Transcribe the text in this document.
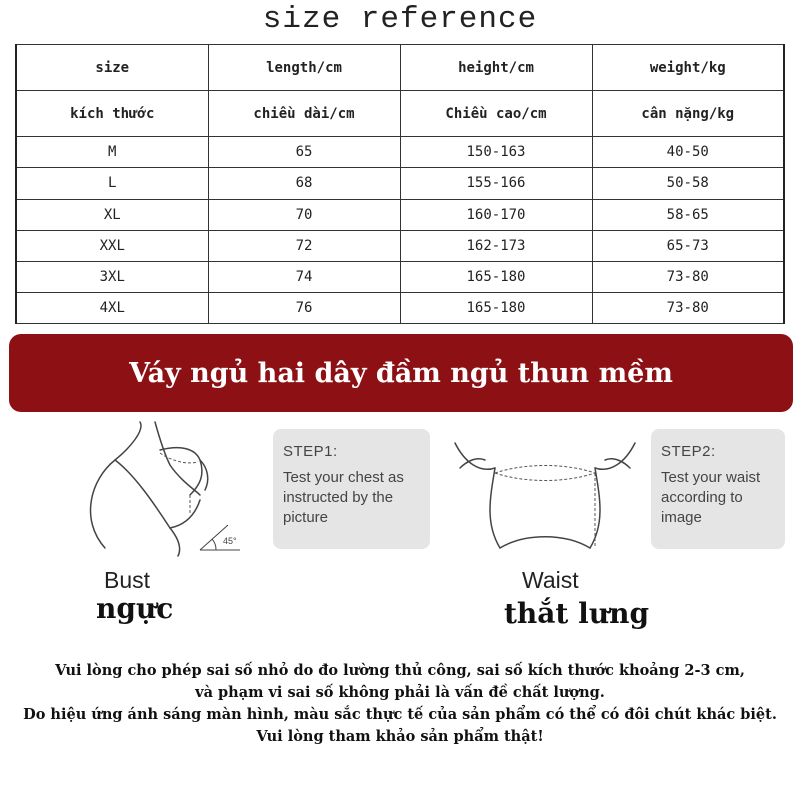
size reference
size	length/cm	height/cm	weight/kg
kích thước	chiều dài/cm	Chiều cao/cm	cân nặng/kg
M	65	150-163	40-50
L	68	155-166	50-58
XL	70	160-170	58-65
XXL	72	162-173	65-73
3XL	74	165-180	73-80
4XL	76	165-180	73-80
Váy ngủ hai dây đầm ngủ thun mềm
45°
STEP1:
Test your chest as instructed by the picture
STEP2:
Test your waist according to image
Bust
ngực
Waist
thắt lưng
Vui lòng cho phép sai số nhỏ do đo lường thủ công, sai số kích thước khoảng 2-3 cm,
và phạm vi sai số không phải là vấn đề chất lượng.
Do hiệu ứng ánh sáng màn hình, màu sắc thực tế của sản phẩm có thể có đôi chút khác biệt.
Vui lòng tham khảo sản phẩm thật!
